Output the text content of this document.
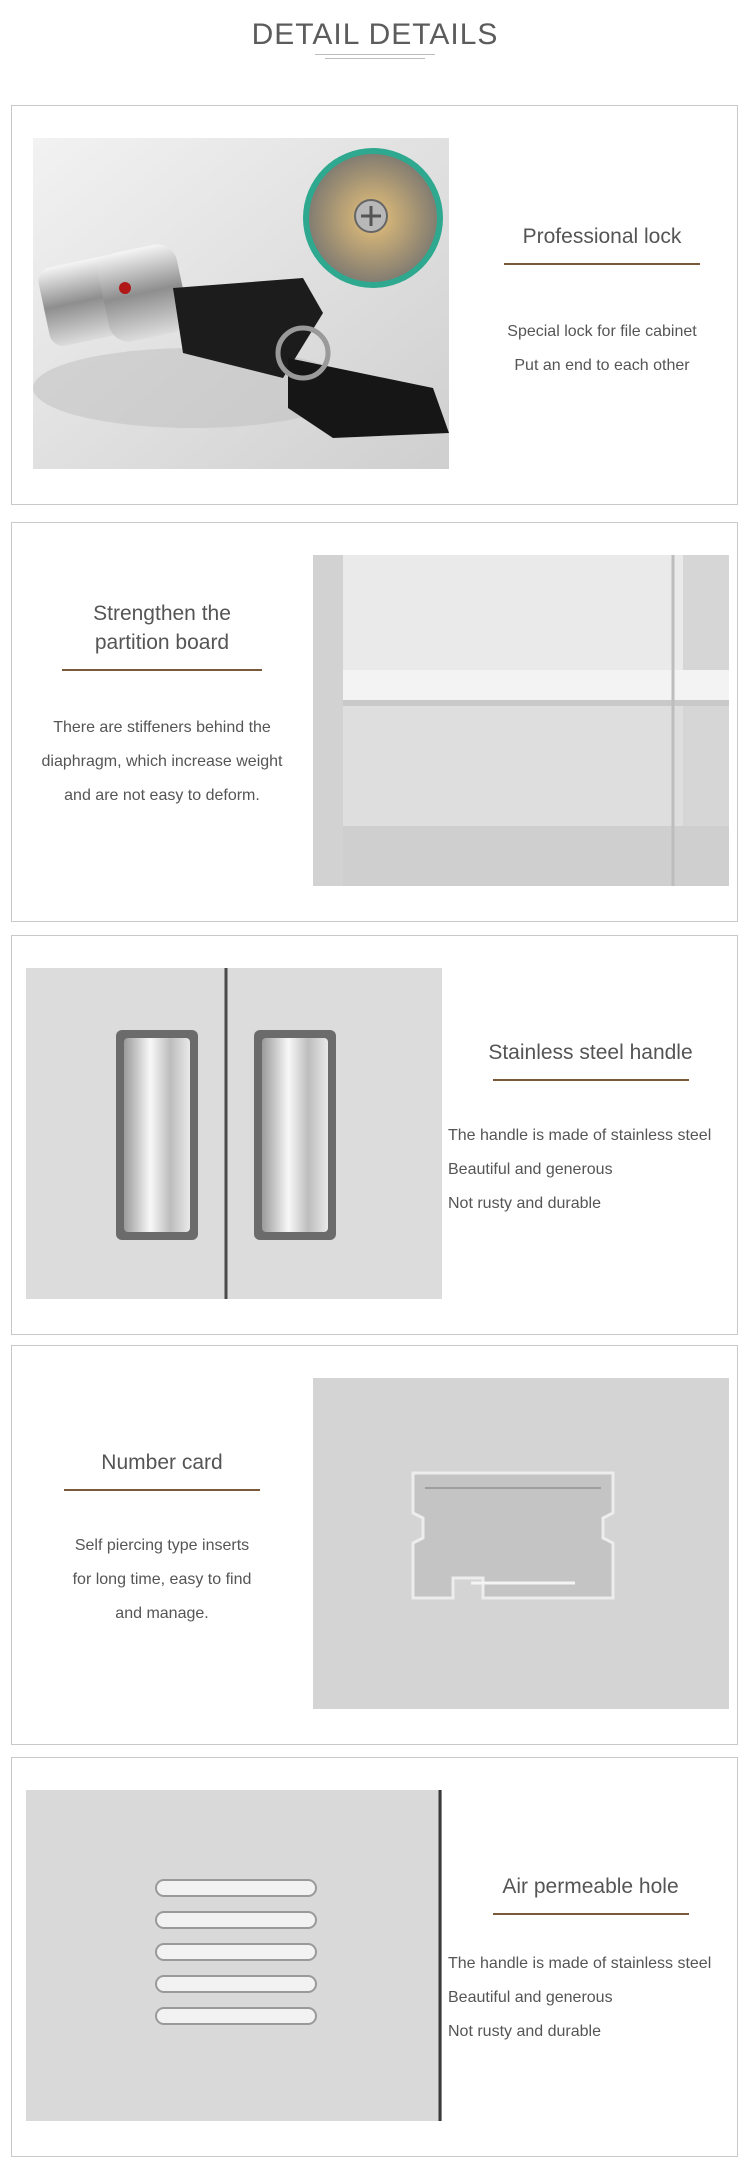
DETAIL DETAILS
Professional lock
Special lock for file cabinet
Put an end to each other
Strengthen the
partition board
There are stiffeners behind the
diaphragm, which increase weight
and are not easy to deform.
Stainless steel handle
The handle is made of stainless steel
Beautiful and generous
Not rusty and durable
Number card
Self piercing type inserts
for long time, easy to find
and manage.
Air permeable hole
The handle is made of stainless steel
Beautiful and generous
Not rusty and durable
